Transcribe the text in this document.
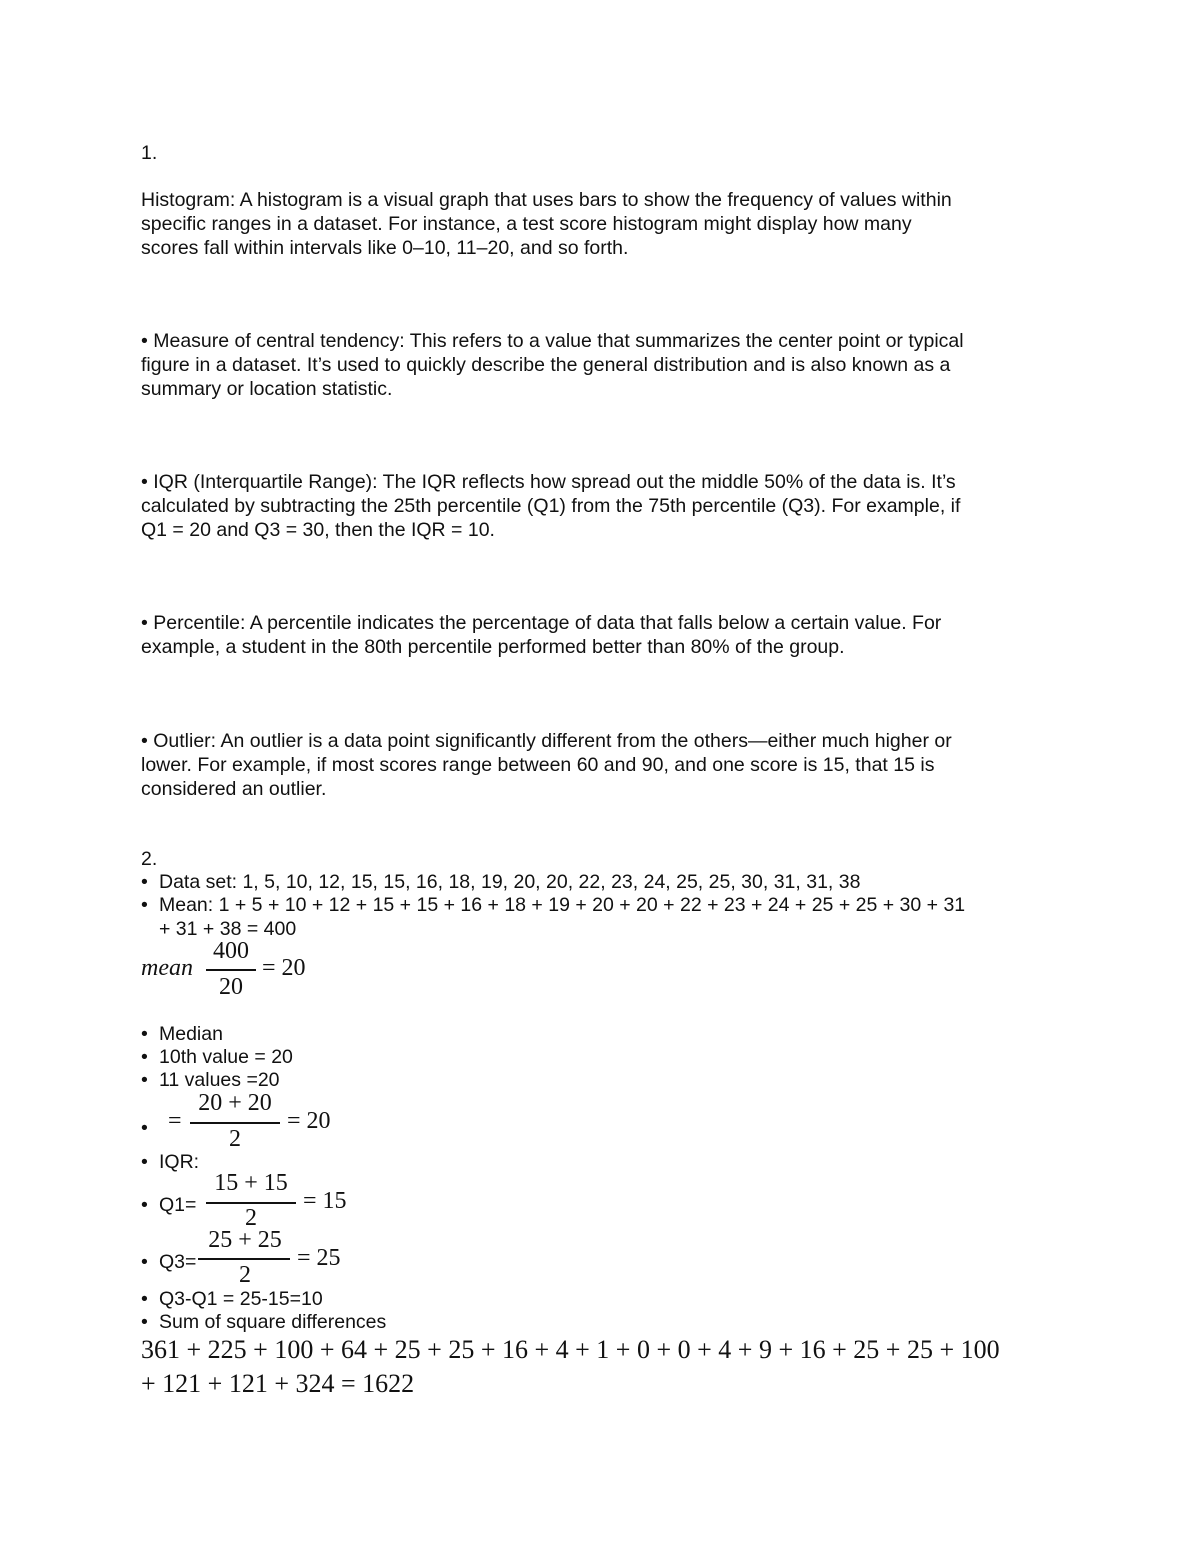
1.
Histogram: A histogram is a visual graph that uses bars to show the frequency of values within
specific ranges in a dataset. For instance, a test score histogram might display how many
scores fall within intervals like 0–10, 11–20, and so forth.
• Measure of central tendency: This refers to a value that summarizes the center point or typical
figure in a dataset. It’s used to quickly describe the general distribution and is also known as a
summary or location statistic.
• IQR (Interquartile Range): The IQR reflects how spread out the middle 50% of the data is. It’s
calculated by subtracting the 25th percentile (Q1) from the 75th percentile (Q3). For example, if
Q1 = 20 and Q3 = 30, then the IQR = 10.
• Percentile: A percentile indicates the percentage of data that falls below a certain value. For
example, a student in the 80th percentile performed better than 80% of the group.
• Outlier: An outlier is a data point significantly different from the others—either much higher or
lower. For example, if most scores range between 60 and 90, and one score is 15, that 15 is
considered an outlier.
2.
• Data set: 1, 5, 10, 12, 15, 15, 16, 18, 19, 20, 20, 22, 23, 24, 25, 25, 30, 31, 31, 38
• Mean: 1 + 5 + 10 + 12 + 15 + 15 + 16 + 18 + 19 + 20 + 20 + 22 + 23 + 24 + 25 + 25 + 30 + 31
+ 31 + 38 = 400
mean
400
20
= 20
• Median
• 10th value = 20
• 11 values =20
• =
20 + 20
2
= 20
• IQR:
• Q1=
15 + 15
2
= 15
• Q3=
25 + 25
2
= 25
• Q3-Q1 = 25-15=10
• Sum of square differences
361 + 225 + 100 + 64 + 25 + 25 + 16 + 4 + 1 + 0 + 0 + 4 + 9 + 16 + 25 + 25 + 100
+ 121 + 121 + 324 = 1622
